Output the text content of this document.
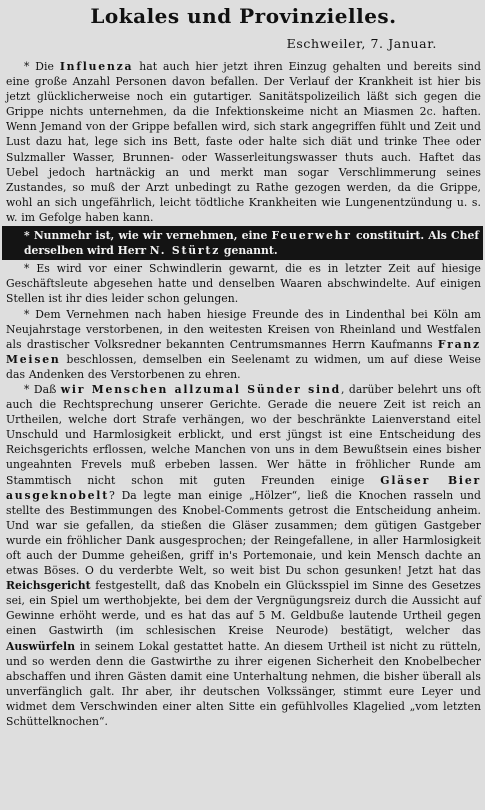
Lokales und Provinzielles.
Eschweiler, 7. Januar.

* Die Influenza hat auch hier jetzt ihren Einzug gehalten und bereits sind eine große Anzahl Personen davon befallen. Der Verlauf der Krankheit ist hier bis jetzt glücklicherweise noch ein gutartiger. Sanitätspolizeilich läßt sich gegen die Grippe nichts unternehmen, da die Infektionskeime nicht an Miasmen 2c. haften. Wenn Jemand von der Grippe befallen wird, sich stark angegriffen fühlt und Zeit und Lust dazu hat, lege sich ins Bett, faste oder halte sich diät und trinke Thee oder Sulzmaller Wasser, Brunnen- oder Wasserleitungswasser thuts auch. Haftet das Uebel jedoch hartnäckig an und merkt man sogar Verschlimmerung seines Zustandes, so muß der Arzt unbedingt zu Rathe gezogen werden, da die Grippe, wohl an sich ungefährlich, leicht tödtliche Krankheiten wie Lungenentzündung u. s. w. im Gefolge haben kann.

* Nunmehr ist, wie wir vernehmen, eine Feuerwehr constituirt. Als Chef derselben wird Herr N. Stürtz genannt.

* Es wird vor einer Schwindlerin gewarnt, die es in letzter Zeit auf hiesige Geschäftsleute abgesehen hatte und denselben Waaren abschwindelte. Auf einigen Stellen ist ihr dies leider schon gelungen.

* Dem Vernehmen nach haben hiesige Freunde des in Lindenthal bei Köln am Neujahrstage verstorbenen, in den weitesten Kreisen von Rheinland und Westfalen als drastischer Volksredner bekannten Centrumsmannes Herrn Kaufmanns Franz Meisen beschlossen, demselben ein Seelenamt zu widmen, um auf diese Weise das Andenken des Verstorbenen zu ehren.

* Daß wir Menschen allzumal Sünder sind, darüber belehrt uns oft auch die Rechtsprechung unserer Gerichte. Gerade die neuere Zeit ist reich an Urtheilen, welche dort Strafe verhängen, wo der beschränkte Laienverstand eitel Unschuld und Harmlosigkeit erblickt, und erst jüngst ist eine Entscheidung des Reichsgerichts erflossen, welche Manchen von uns in dem Bewußtsein eines bisher ungeahnten Frevels muß erbeben lassen. Wer hätte in fröhlicher Runde am Stammtisch nicht schon mit guten Freunden einige Gläser Bier ausgeknobelt? Da legte man einige „Hölzer“, ließ die Knochen rasseln und stellte des Bestimmungen des Knobel-Comments getrost die Entscheidung anheim. Und war sie gefallen, da stießen die Gläser zusammen; dem gütigen Gastgeber wurde ein fröhlicher Dank ausgesprochen; der Reingefallene, in aller Harmlosigkeit oft auch der Dumme geheißen, griff in's Portemonaie, und kein Mensch dachte an etwas Böses. O du verderbte Welt, so weit bist Du schon gesunken! Jetzt hat das Reichsgericht festgestellt, daß das Knobeln ein Glücksspiel im Sinne des Gesetzes sei, ein Spiel um werthobjekte, bei dem der Vergnügungsreiz durch die Aussicht auf Gewinne erhöht werde, und es hat das auf 5 M. Geldbuße lautende Urtheil gegen einen Gastwirth (im schlesischen Kreise Neurode) bestätigt, welcher das Auswürfeln in seinem Lokal gestattet hatte. An diesem Urtheil ist nicht zu rütteln, und so werden denn die Gastwirthe zu ihrer eigenen Sicherheit den Knobelbecher abschaffen und ihren Gästen damit eine Unterhaltung nehmen, die bisher überall als unverfänglich galt. Ihr aber, ihr deutschen Volkssänger, stimmt eure Leyer und widmet dem Verschwinden einer alten Sitte ein gefühlvolles Klagelied „vom letzten Schüttelknochen“.
